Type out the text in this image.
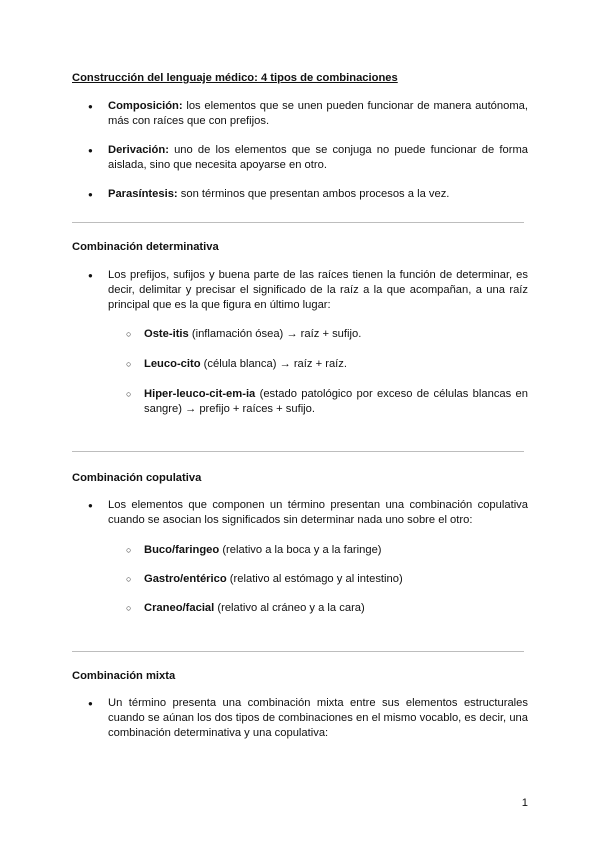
Construcción del lenguaje médico: 4 tipos de combinaciones
● Composición: los elementos que se unen pueden funcionar de manera autónoma, más con raíces que con prefijos.
● Derivación: uno de los elementos que se conjuga no puede funcionar de forma aislada, sino que necesita apoyarse en otro.
● Parasíntesis: son términos que presentan ambos procesos a la vez.
Combinación determinativa
● Los prefijos, sufijos y buena parte de las raíces tienen la función de determinar, es decir, delimitar y precisar el significado de la raíz a la que acompañan, a una raíz principal que es la que figura en último lugar:
○ Oste-itis (inflamación ósea) → raíz + sufijo.
○ Leuco-cito (célula blanca) → raíz + raíz.
○ Hiper-leuco-cit-em-ia (estado patológico por exceso de células blancas en sangre) → prefijo + raíces + sufijo.
Combinación copulativa
● Los elementos que componen un término presentan una combinación copulativa cuando se asocian los significados sin determinar nada uno sobre el otro:
○ Buco/faringeo (relativo a la boca y a la faringe)
○ Gastro/entérico (relativo al estómago y al intestino)
○ Craneo/facial (relativo al cráneo y a la cara)
Combinación mixta
● Un término presenta una combinación mixta entre sus elementos estructurales cuando se aúnan los dos tipos de combinaciones en el mismo vocablo, es decir, una combinación determinativa y una copulativa:
1
